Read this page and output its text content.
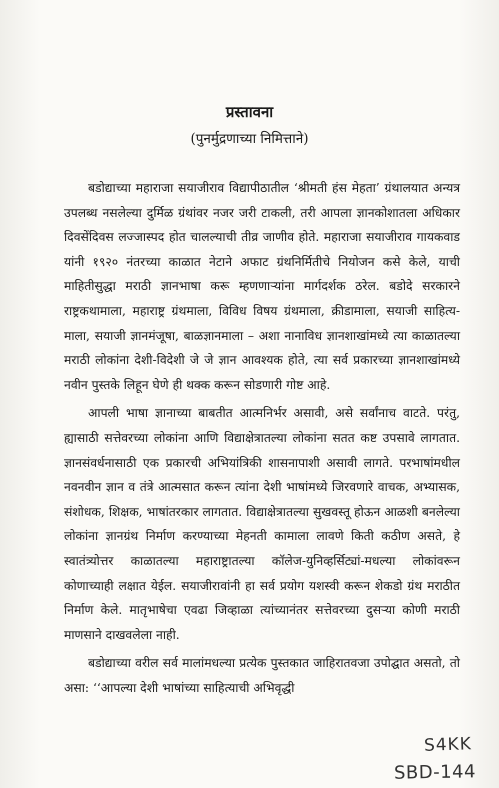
प्रस्तावना
(पुनर्मुद्रणाच्या निमित्ताने)

बडोद्याच्या महाराजा सयाजीराव विद्यापीठातील ‘श्रीमती हंस मेहता’ ग्रंथालयात अन्यत्र उपलब्ध नसलेल्या दुर्मिळ ग्रंथांवर नजर जरी टाकली, तरी आपला ज्ञानकोशातला अधिकार दिवसेंदिवस लज्जास्पद होत चालल्याची तीव्र जाणीव होते. महाराजा सयाजीराव गायकवाड यांनी १९२० नंतरच्या काळात नेटाने अफाट ग्रंथनिर्मितीचे नियोजन कसे केले, याची माहितीसुद्धा मराठी ज्ञानभाषा करू म्हणणाऱ्यांना मार्गदर्शक ठरेल. बडोदे सरकारने राष्ट्रकथामाला, महाराष्ट्र ग्रंथमाला, विविध विषय ग्रंथमाला, क्रीडामाला, सयाजी साहित्य-माला, सयाजी ज्ञानमंजूषा, बाळज्ञानमाला – अशा नानाविध ज्ञानशाखांमध्ये त्या काळातल्या मराठी लोकांना देशी-विदेशी जे जे ज्ञान आवश्यक होते, त्या सर्व प्रकारच्या ज्ञानशाखांमध्ये नवीन पुस्तके लिहून घेणे ही थक्क करून सोडणारी गोष्ट आहे.

आपली भाषा ज्ञानाच्या बाबतीत आत्मनिर्भर असावी, असे सर्वांनाच वाटते. परंतु, ह्यासाठी सत्तेवरच्या लोकांना आणि विद्याक्षेत्रातल्या लोकांना सतत कष्ट उपसावे लागतात. ज्ञानसंवर्धनासाठी एक प्रकारची अभियांत्रिकी शासनापाशी असावी लागते. परभाषांमधील नवनवीन ज्ञान व तंत्रे आत्मसात करून त्यांना देशी भाषांमध्ये जिरवणारे वाचक, अभ्यासक, संशोधक, शिक्षक, भाषांतरकार लागतात. विद्याक्षेत्रातल्या सुखवस्तू होऊन आळशी बनलेल्या लोकांना ज्ञानग्रंथ निर्माण करण्याच्या मेहनती कामाला लावणे किती कठीण असते, हे स्वातंत्र्योत्तर काळातल्या महाराष्ट्रातल्या कॉलेज-युनिव्हर्सिट्यां-मधल्या लोकांवरून कोणाच्याही लक्षात येईल. सयाजीरावांनी हा सर्व प्रयोग यशस्वी करून शेकडो ग्रंथ मराठीत निर्माण केले. मातृभाषेचा एवढा जिव्हाळा त्यांच्यानंतर सत्तेवरच्या दुसऱ्या कोणी मराठी माणसाने दाखवलेला नाही.

बडोद्याच्या वरील सर्व मालांमधल्या प्रत्येक पुस्तकात जाहिरातवजा उपोद्घात असतो, तो असा: ‘‘आपल्या देशी भाषांच्या साहित्याची अभिवृद्धी

S4KK
SBD-144
